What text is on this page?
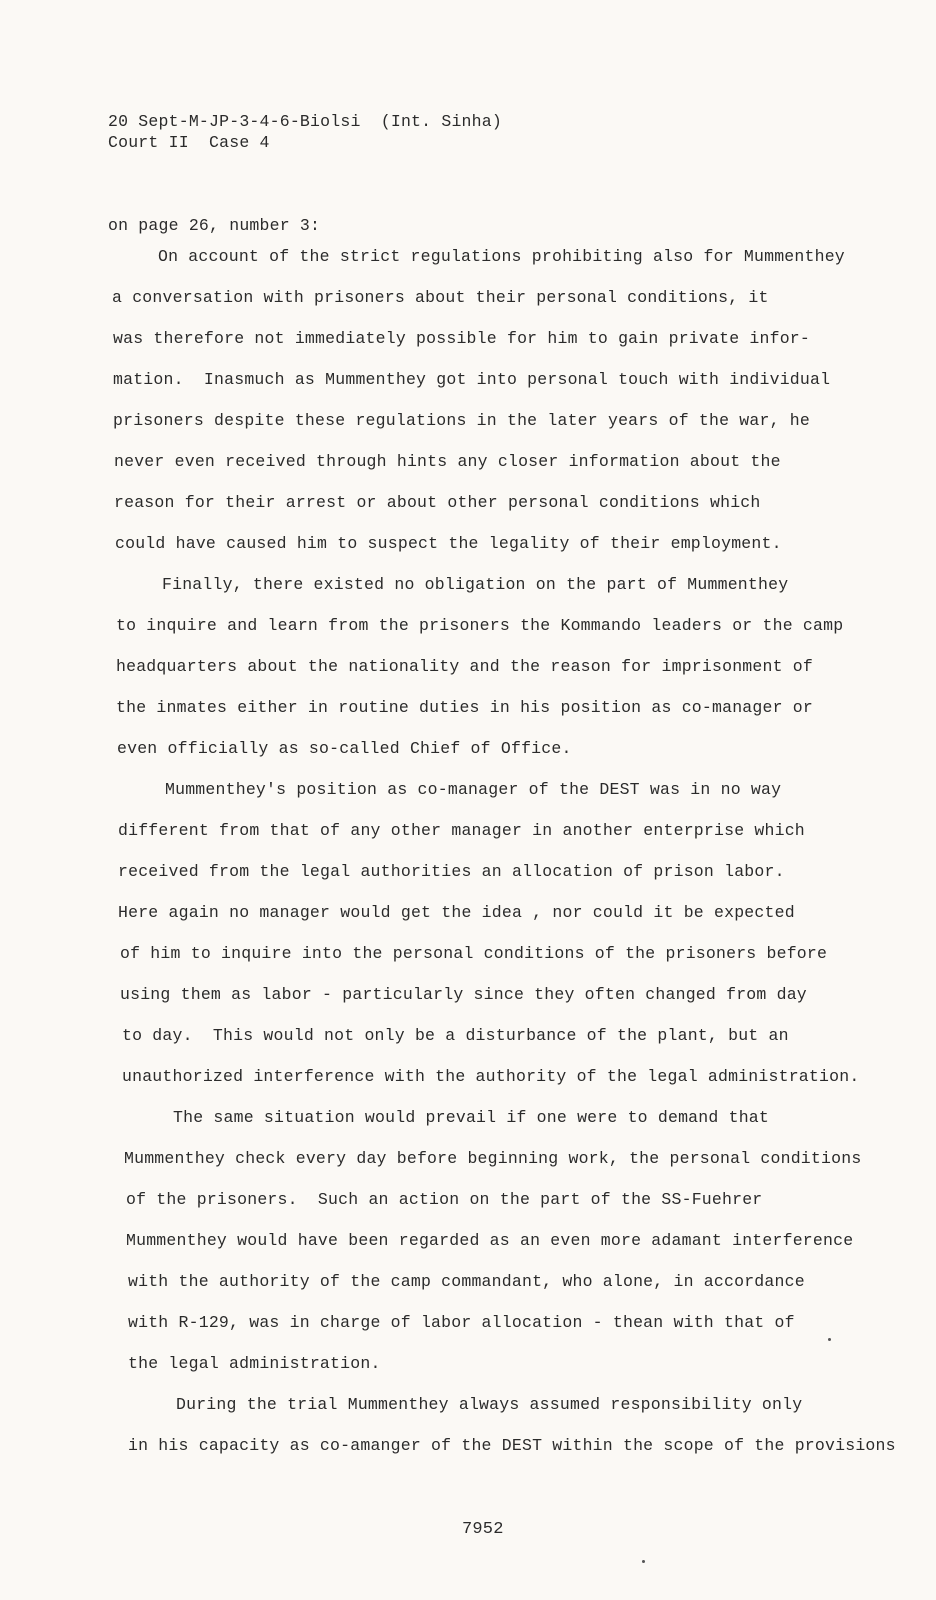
20 Sept-M-JP-3-4-6-Biolsi  (Int. Sinha)
Court II  Case 4
on page 26, number 3:
On account of the strict regulations prohibiting also for Mummenthey
a conversation with prisoners about their personal conditions, it
was therefore not immediately possible for him to gain private infor-
mation.  Inasmuch as Mummenthey got into personal touch with individual
prisoners despite these regulations in the later years of the war, he
never even received through hints any closer information about the
reason for their arrest or about other personal conditions which
could have caused him to suspect the legality of their employment.
Finally, there existed no obligation on the part of Mummenthey
to inquire and learn from the prisoners the Kommando leaders or the camp
headquarters about the nationality and the reason for imprisonment of
the inmates either in routine duties in his position as co-manager or
even officially as so-called Chief of Office.
Mummenthey's position as co-manager of the DEST was in no way
different from that of any other manager in another enterprise which
received from the legal authorities an allocation of prison labor.
Here again no manager would get the idea , nor could it be expected
of him to inquire into the personal conditions of the prisoners before
using them as labor - particularly since they often changed from day
to day.  This would not only be a disturbance of the plant, but an
unauthorized interference with the authority of the legal administration.
The same situation would prevail if one were to demand that
Mummenthey check every day before beginning work, the personal conditions
of the prisoners.  Such an action on the part of the SS-Fuehrer
Mummenthey would have been regarded as an even more adamant interference
with the authority of the camp commandant, who alone, in accordance
with R-129, was in charge of labor allocation - thean with that of
the legal administration.
During the trial Mummenthey always assumed responsibility only
in his capacity as co-amanger of the DEST within the scope of the provisions
7952
